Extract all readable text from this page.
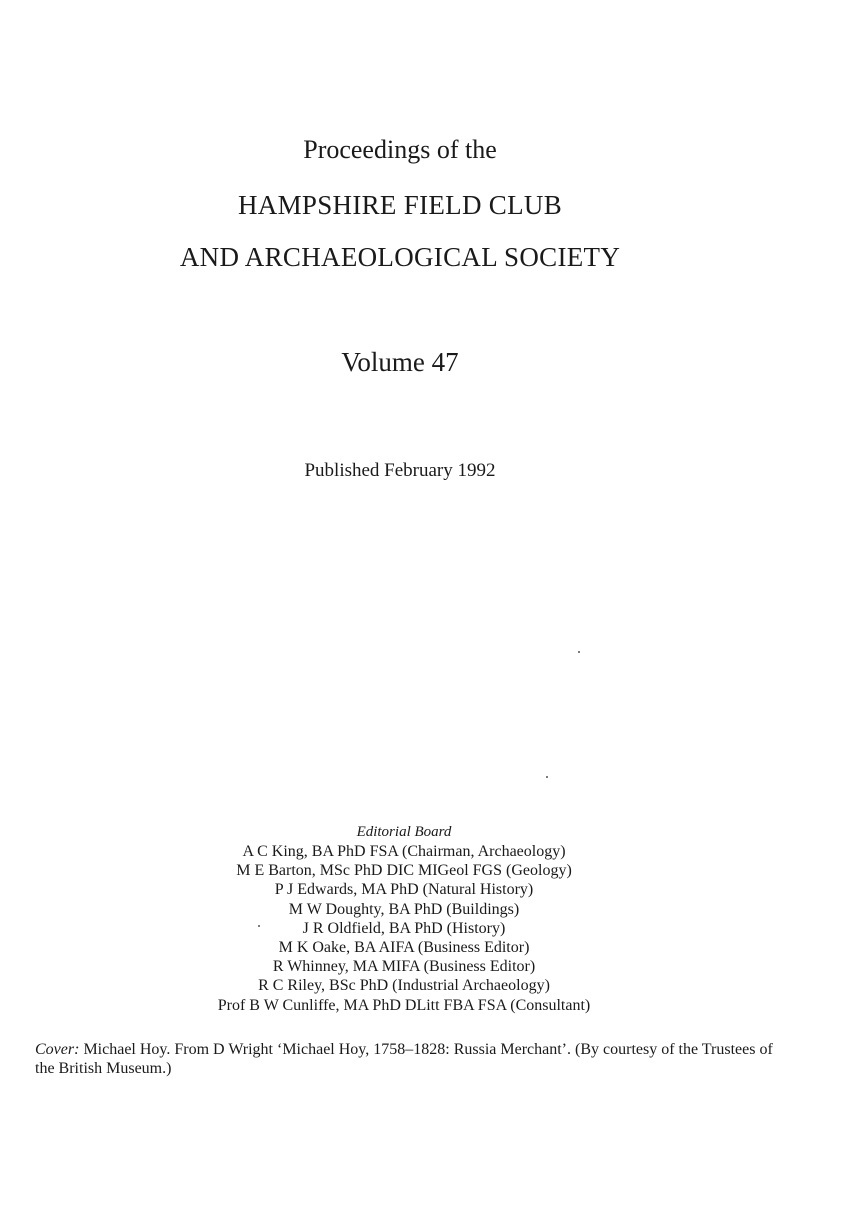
Proceedings of the
HAMPSHIRE FIELD CLUB
AND ARCHAEOLOGICAL SOCIETY
Volume 47
Published February 1992
Editorial Board
A C King, BA PhD FSA (Chairman, Archaeology)
M E Barton, MSc PhD DIC MIGeol FGS (Geology)
P J Edwards, MA PhD (Natural History)
M W Doughty, BA PhD (Buildings)
J R Oldfield, BA PhD (History)
M K Oake, BA AIFA (Business Editor)
R Whinney, MA MIFA (Business Editor)
R C Riley, BSc PhD (Industrial Archaeology)
Prof B W Cunliffe, MA PhD DLitt FBA FSA (Consultant)

Cover: Michael Hoy. From D Wright ‘Michael Hoy, 1758–1828: Russia Merchant’. (By courtesy of the Trustees of the British Museum.)
